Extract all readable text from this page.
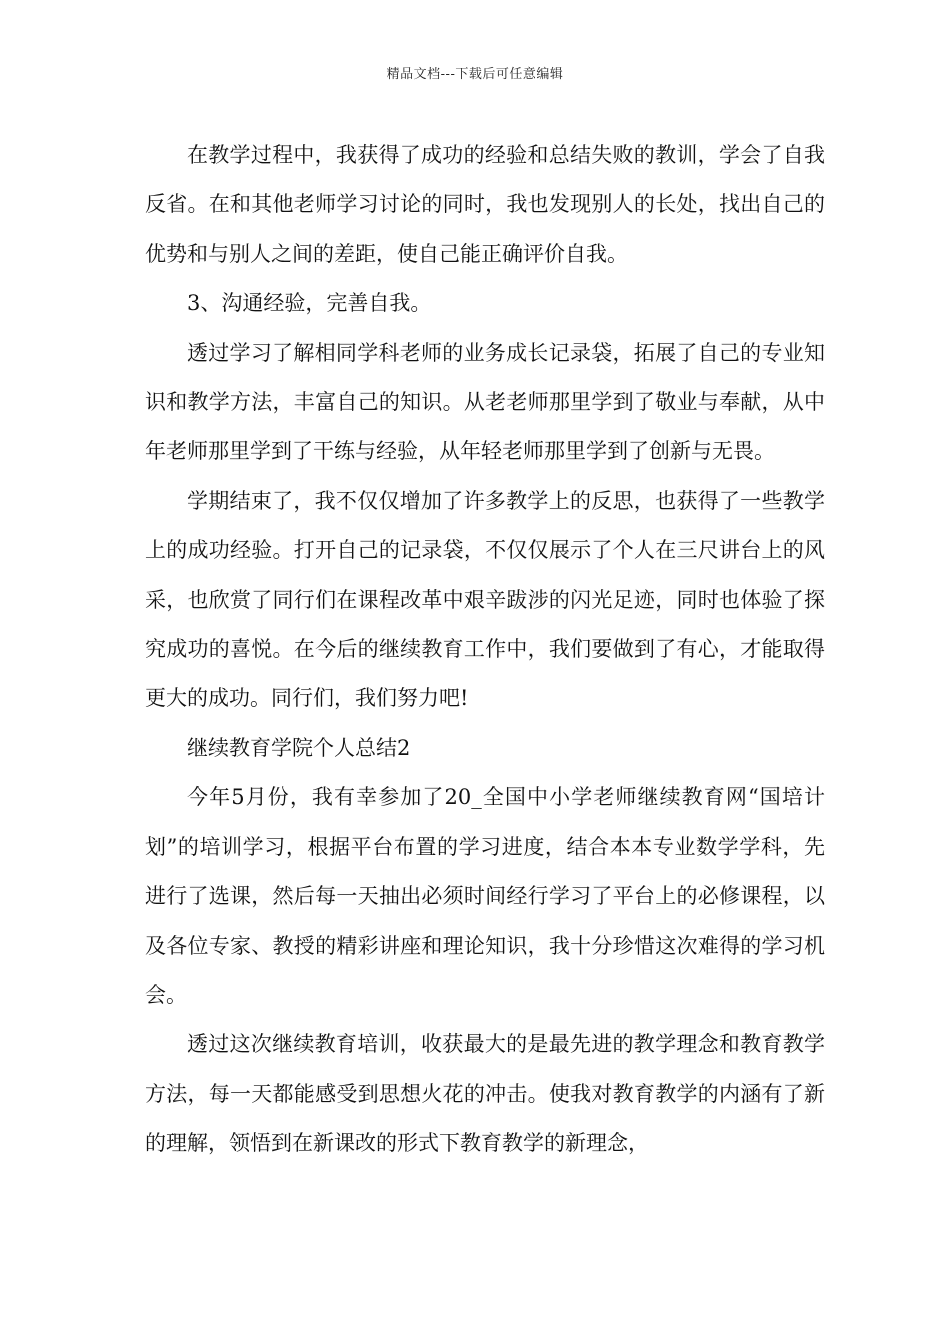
精品文档---下载后可任意编辑

在教学过程中，我获得了成功的经验和总结失败的教训，学会了自我反省。在和其他老师学习讨论的同时，我也发现别人的长处，找出自己的优势和与别人之间的差距，使自己能正确评价自我。

3、沟通经验，完善自我。

透过学习了解相同学科老师的业务成长记录袋，拓展了自己的专业知识和教学方法，丰富自己的知识。从老老师那里学到了敬业与奉献，从中年老师那里学到了干练与经验，从年轻老师那里学到了创新与无畏。

学期结束了，我不仅仅增加了许多教学上的反思，也获得了一些教学上的成功经验。打开自己的记录袋，不仅仅展示了个人在三尺讲台上的风采，也欣赏了同行们在课程改革中艰辛跋涉的闪光足迹，同时也体验了探究成功的喜悦。在今后的继续教育工作中，我们要做到了有心，才能取得更大的成功。同行们，我们努力吧!

继续教育学院个人总结2

今年5月份，我有幸参加了20_全国中小学老师继续教育网“国培计划”的培训学习，根据平台布置的学习进度，结合本本专业数学学科，先进行了选课，然后每一天抽出必须时间经行学习了平台上的必修课程，以及各位专家、教授的精彩讲座和理论知识，我十分珍惜这次难得的学习机会。

透过这次继续教育培训，收获最大的是最先进的教学理念和教育教学方法，每一天都能感受到思想火花的冲击。使我对教育教学的内涵有了新的理解，领悟到在新课改的形式下教育教学的新理念，
